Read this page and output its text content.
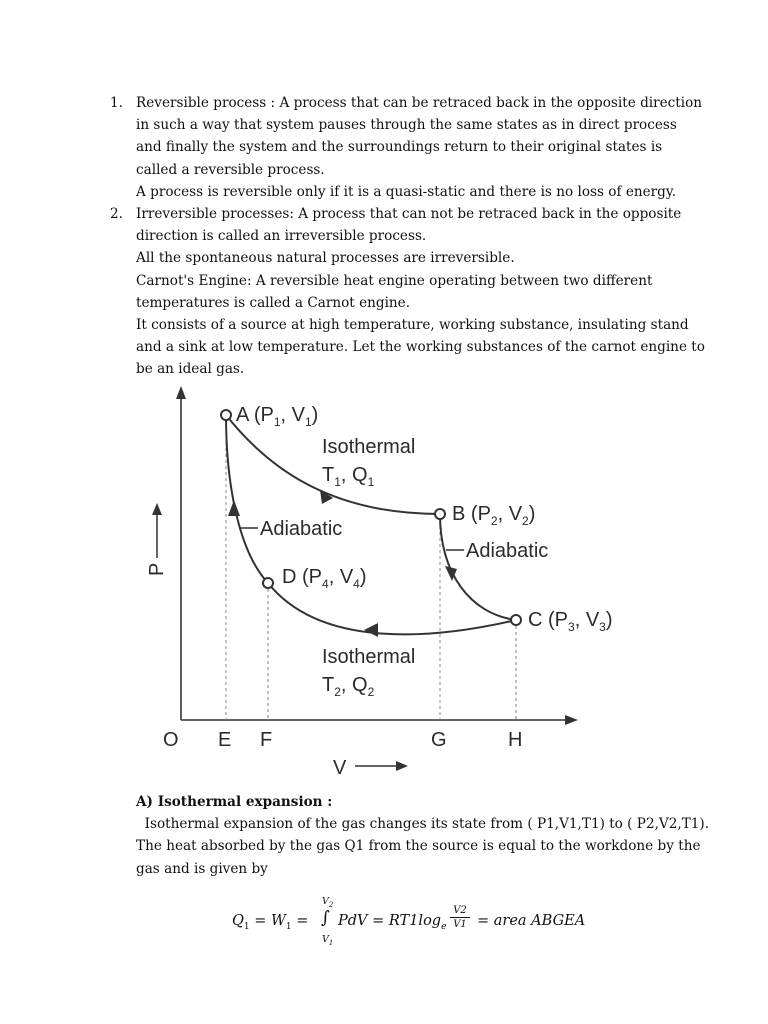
1. Reversible process : A process that can be retraced back in the opposite direction
in such a way that system pauses through the same states as in direct process
and finally the system and the surroundings return to their original states is
called a reversible process.
A process is reversible only if it is a quasi-static and there is no loss of energy.
2. Irreversible processes: A process that can not be retraced back in the opposite
direction is called an irreversible process.
All the spontaneous natural processes are irreversible.
Carnot's Engine: A reversible heat engine operating between two different
temperatures is called a Carnot engine.
It consists of a source at high temperature, working substance, insulating stand
and a sink at low temperature. Let the working substances of the carnot engine to
be an ideal gas.
A ($P_1$, $V_1$)
B ($P_2$, $V_2$)
C ($P_3$, $V_3$)
D ($P_4$, $V_4$)
Isothermal
$T_1$, $Q_1$
Isothermal
$T_2$, $Q_2$
Adiabatic
Adiabatic
O E F	G	H
V
P
A) Isothermal expansion :
Isothermal expansion of the gas changes its state from ( P1,V1,T1) to ( P2,V2,T1).
The heat absorbed by the gas Q1 from the source is equal to the workdone by the
gas and is given by
$Q_1 = W_1$ =
$V_2$
∫
$V_1$
PdV = $RT1\log_e$
V2
V1 = area ABGEA
